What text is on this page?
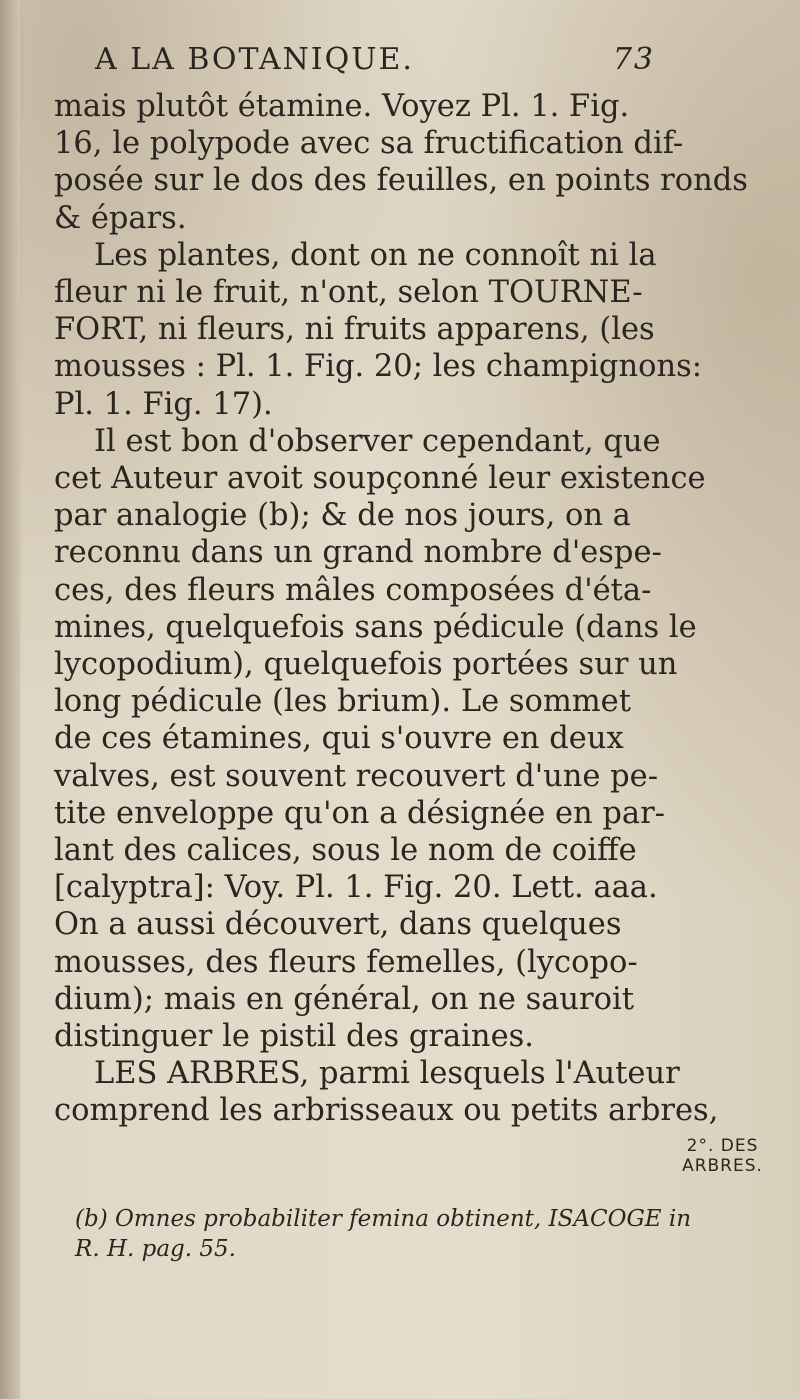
A LA BOTANIQUE.	73
mais plutôt étamine. Voyez Pl. 1. Fig.
16, le polypode avec sa fructification dif-
posée sur le dos des feuilles, en points ronds
& épars.
Les plantes, dont on ne connoît ni la
fleur ni le fruit, n'ont, selon TOURNE-
FORT, ni fleurs, ni fruits apparens, (les
mousses : Pl. 1. Fig. 20; les champignons:
Pl. 1. Fig. 17).
Il est bon d'observer cependant, que
cet Auteur avoit soupçonné leur existence
par analogie (b); & de nos jours, on a
reconnu dans un grand nombre d'espe-
ces, des fleurs mâles composées d'éta-
mines, quelquefois sans pédicule (dans le
lycopodium), quelquefois portées sur un
long pédicule (les brium). Le sommet
de ces étamines, qui s'ouvre en deux
valves, est souvent recouvert d'une pe-
tite enveloppe qu'on a désignée en par-
lant des calices, sous le nom de coiffe
[calyptra]: Voy. Pl. 1. Fig. 20. Lett. aaa.
On a aussi découvert, dans quelques
mousses, des fleurs femelles, (lycopo-
dium); mais en général, on ne sauroit
distinguer le pistil des graines.
LES ARBRES, parmi lesquels l'Auteur
comprend les arbrisseaux ou petits arbres,
2°. DES
ARBRES.
(b) Omnes probabiliter femina obtinent, ISACOGE in
R. H. pag. 55.
